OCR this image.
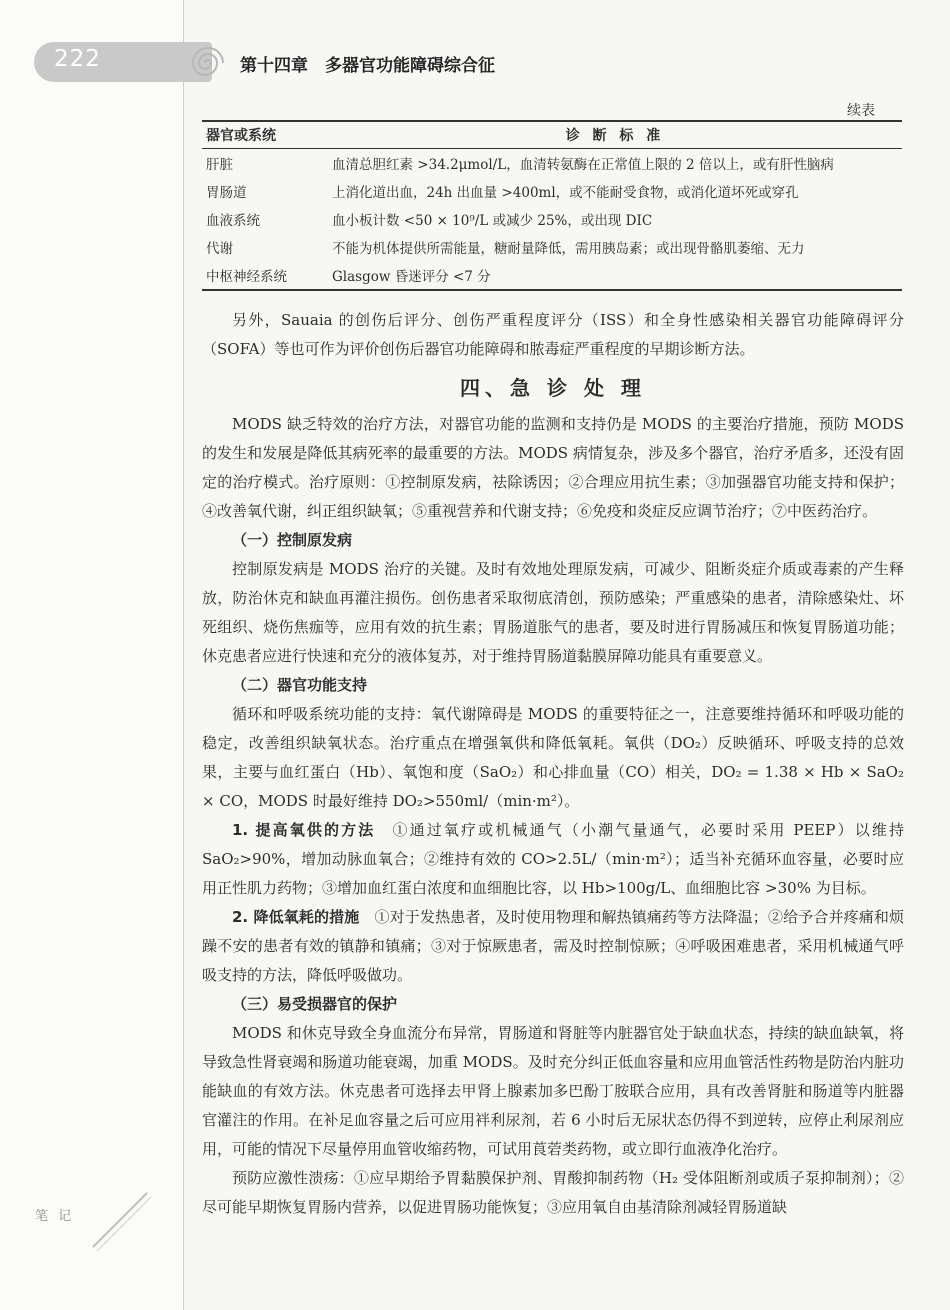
222	第十四章　多器官功能障碍综合征
续表
器官或系统	诊 断 标 准
肝脏	血清总胆红素 >34.2μmol/L，血清转氨酶在正常值上限的 2 倍以上，或有肝性脑病
胃肠道	上消化道出血，24h 出血量 >400ml，或不能耐受食物，或消化道坏死或穿孔
血液系统	血小板计数 <50 × 10⁹/L 或减少 25%，或出现 DIC
代谢	不能为机体提供所需能量，糖耐量降低，需用胰岛素；或出现骨骼肌萎缩、无力
中枢神经系统	Glasgow 昏迷评分 <7 分

另外，Sauaia 的创伤后评分、创伤严重程度评分（ISS）和全身性感染相关器官功能障碍评分（SOFA）等也可作为评价创伤后器官功能障碍和脓毒症严重程度的早期诊断方法。

四、急 诊 处 理

MODS 缺乏特效的治疗方法，对器官功能的监测和支持仍是 MODS 的主要治疗措施，预防 MODS 的发生和发展是降低其病死率的最重要的方法。MODS 病情复杂，涉及多个器官，治疗矛盾多，还没有固定的治疗模式。治疗原则：①控制原发病，祛除诱因；②合理应用抗生素；③加强器官功能支持和保护；④改善氧代谢，纠正组织缺氧；⑤重视营养和代谢支持；⑥免疫和炎症反应调节治疗；⑦中医药治疗。

（一）控制原发病

控制原发病是 MODS 治疗的关键。及时有效地处理原发病，可减少、阻断炎症介质或毒素的产生释放，防治休克和缺血再灌注损伤。创伤患者采取彻底清创，预防感染；严重感染的患者，清除感染灶、坏死组织、烧伤焦痂等，应用有效的抗生素；胃肠道胀气的患者，要及时进行胃肠减压和恢复胃肠道功能；休克患者应进行快速和充分的液体复苏，对于维持胃肠道黏膜屏障功能具有重要意义。

（二）器官功能支持

循环和呼吸系统功能的支持：氧代谢障碍是 MODS 的重要特征之一，注意要维持循环和呼吸功能的稳定，改善组织缺氧状态。治疗重点在增强氧供和降低氧耗。氧供（DO₂）反映循环、呼吸支持的总效果，主要与血红蛋白（Hb）、氧饱和度（SaO₂）和心排血量（CO）相关，DO₂ = 1.38 × Hb × SaO₂ × CO，MODS 时最好维持 DO₂>550ml/（min·m²）。

1. 提高氧供的方法　 ①通过氧疗或机械通气（小潮气量通气，必要时采用 PEEP）以维持 SaO₂>90%，增加动脉血氧合；②维持有效的 CO>2.5L/（min·m²）；适当补充循环血容量，必要时应用正性肌力药物；③增加血红蛋白浓度和血细胞比容，以 Hb>100g/L、血细胞比容 >30% 为目标。

2. 降低氧耗的措施　 ①对于发热患者，及时使用物理和解热镇痛药等方法降温；②给予合并疼痛和烦躁不安的患者有效的镇静和镇痛；③对于惊厥患者，需及时控制惊厥；④呼吸困难患者，采用机械通气呼吸支持的方法，降低呼吸做功。

（三）易受损器官的保护

MODS 和休克导致全身血流分布异常，胃肠道和肾脏等内脏器官处于缺血状态，持续的缺血缺氧，将导致急性肾衰竭和肠道功能衰竭，加重 MODS。及时充分纠正低血容量和应用血管活性药物是防治内脏功能缺血的有效方法。休克患者可选择去甲肾上腺素加多巴酚丁胺联合应用，具有改善肾脏和肠道等内脏器官灌注的作用。在补足血容量之后可应用袢利尿剂，若 6 小时后无尿状态仍得不到逆转，应停止利尿剂应用，可能的情况下尽量停用血管收缩药物，可试用莨菪类药物，或立即行血液净化治疗。

预防应激性溃疡：①应早期给予胃黏膜保护剂、胃酸抑制药物（H₂ 受体阻断剂或质子泵抑制剂）；②尽可能早期恢复胃肠内营养，以促进胃肠功能恢复；③应用氧自由基清除剂减轻胃肠道缺

笔 记
